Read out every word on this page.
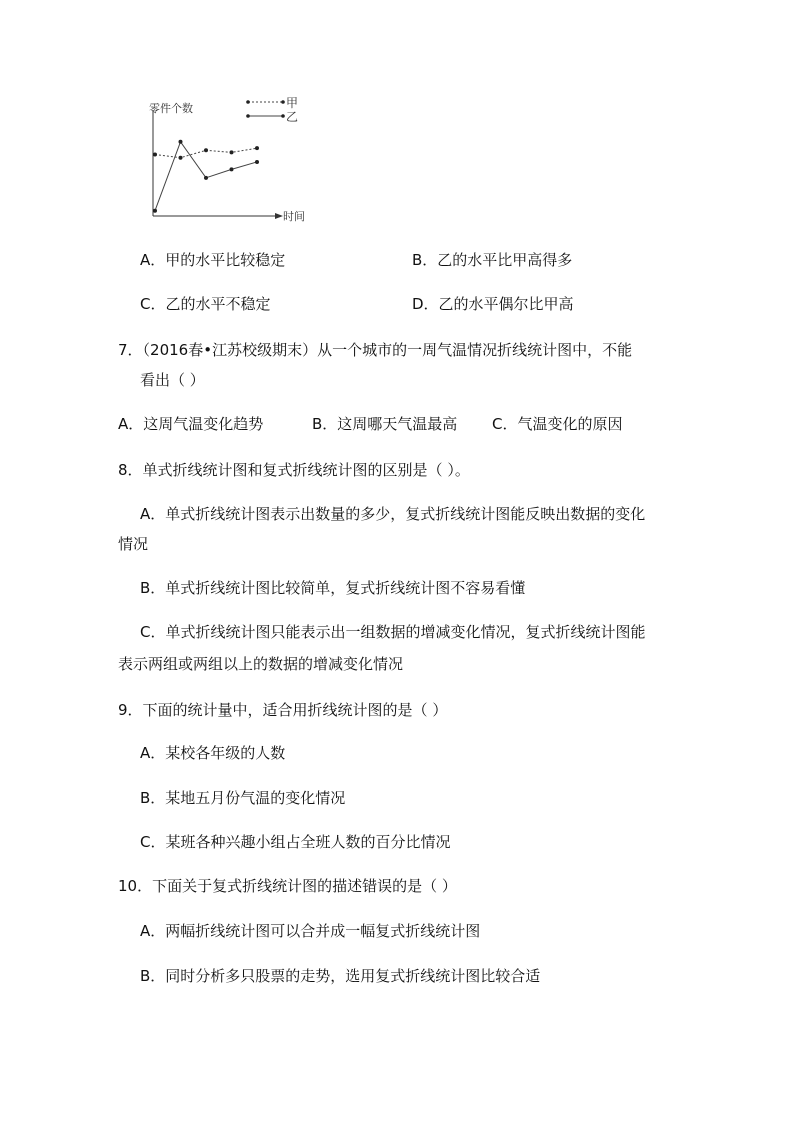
零件个数
时间
甲
乙
A．甲的水平比较稳定	B．乙的水平比甲高得多
C．乙的水平不稳定	D．乙的水平偶尔比甲高
7．（2016春•江苏校级期末）从一个城市的一周气温情况折线统计图中，不能
看出（ ）
A．这周气温变化趋势	B．这周哪天气温最高 C．气温变化的原因
8．单式折线统计图和复式折线统计图的区别是（ ）。
A．单式折线统计图表示出数量的多少，复式折线统计图能反映出数据的变化
情况
B．单式折线统计图比较简单，复式折线统计图不容易看懂
C．单式折线统计图只能表示出一组数据的增减变化情况，复式折线统计图能
表示两组或两组以上的数据的增减变化情况
9．下面的统计量中，适合用折线统计图的是（ ）
A．某校各年级的人数
B．某地五月份气温的变化情况
C．某班各种兴趣小组占全班人数的百分比情况
10．下面关于复式折线统计图的描述错误的是（ ）
A．两幅折线统计图可以合并成一幅复式折线统计图
B．同时分析多只股票的走势，选用复式折线统计图比较合适
